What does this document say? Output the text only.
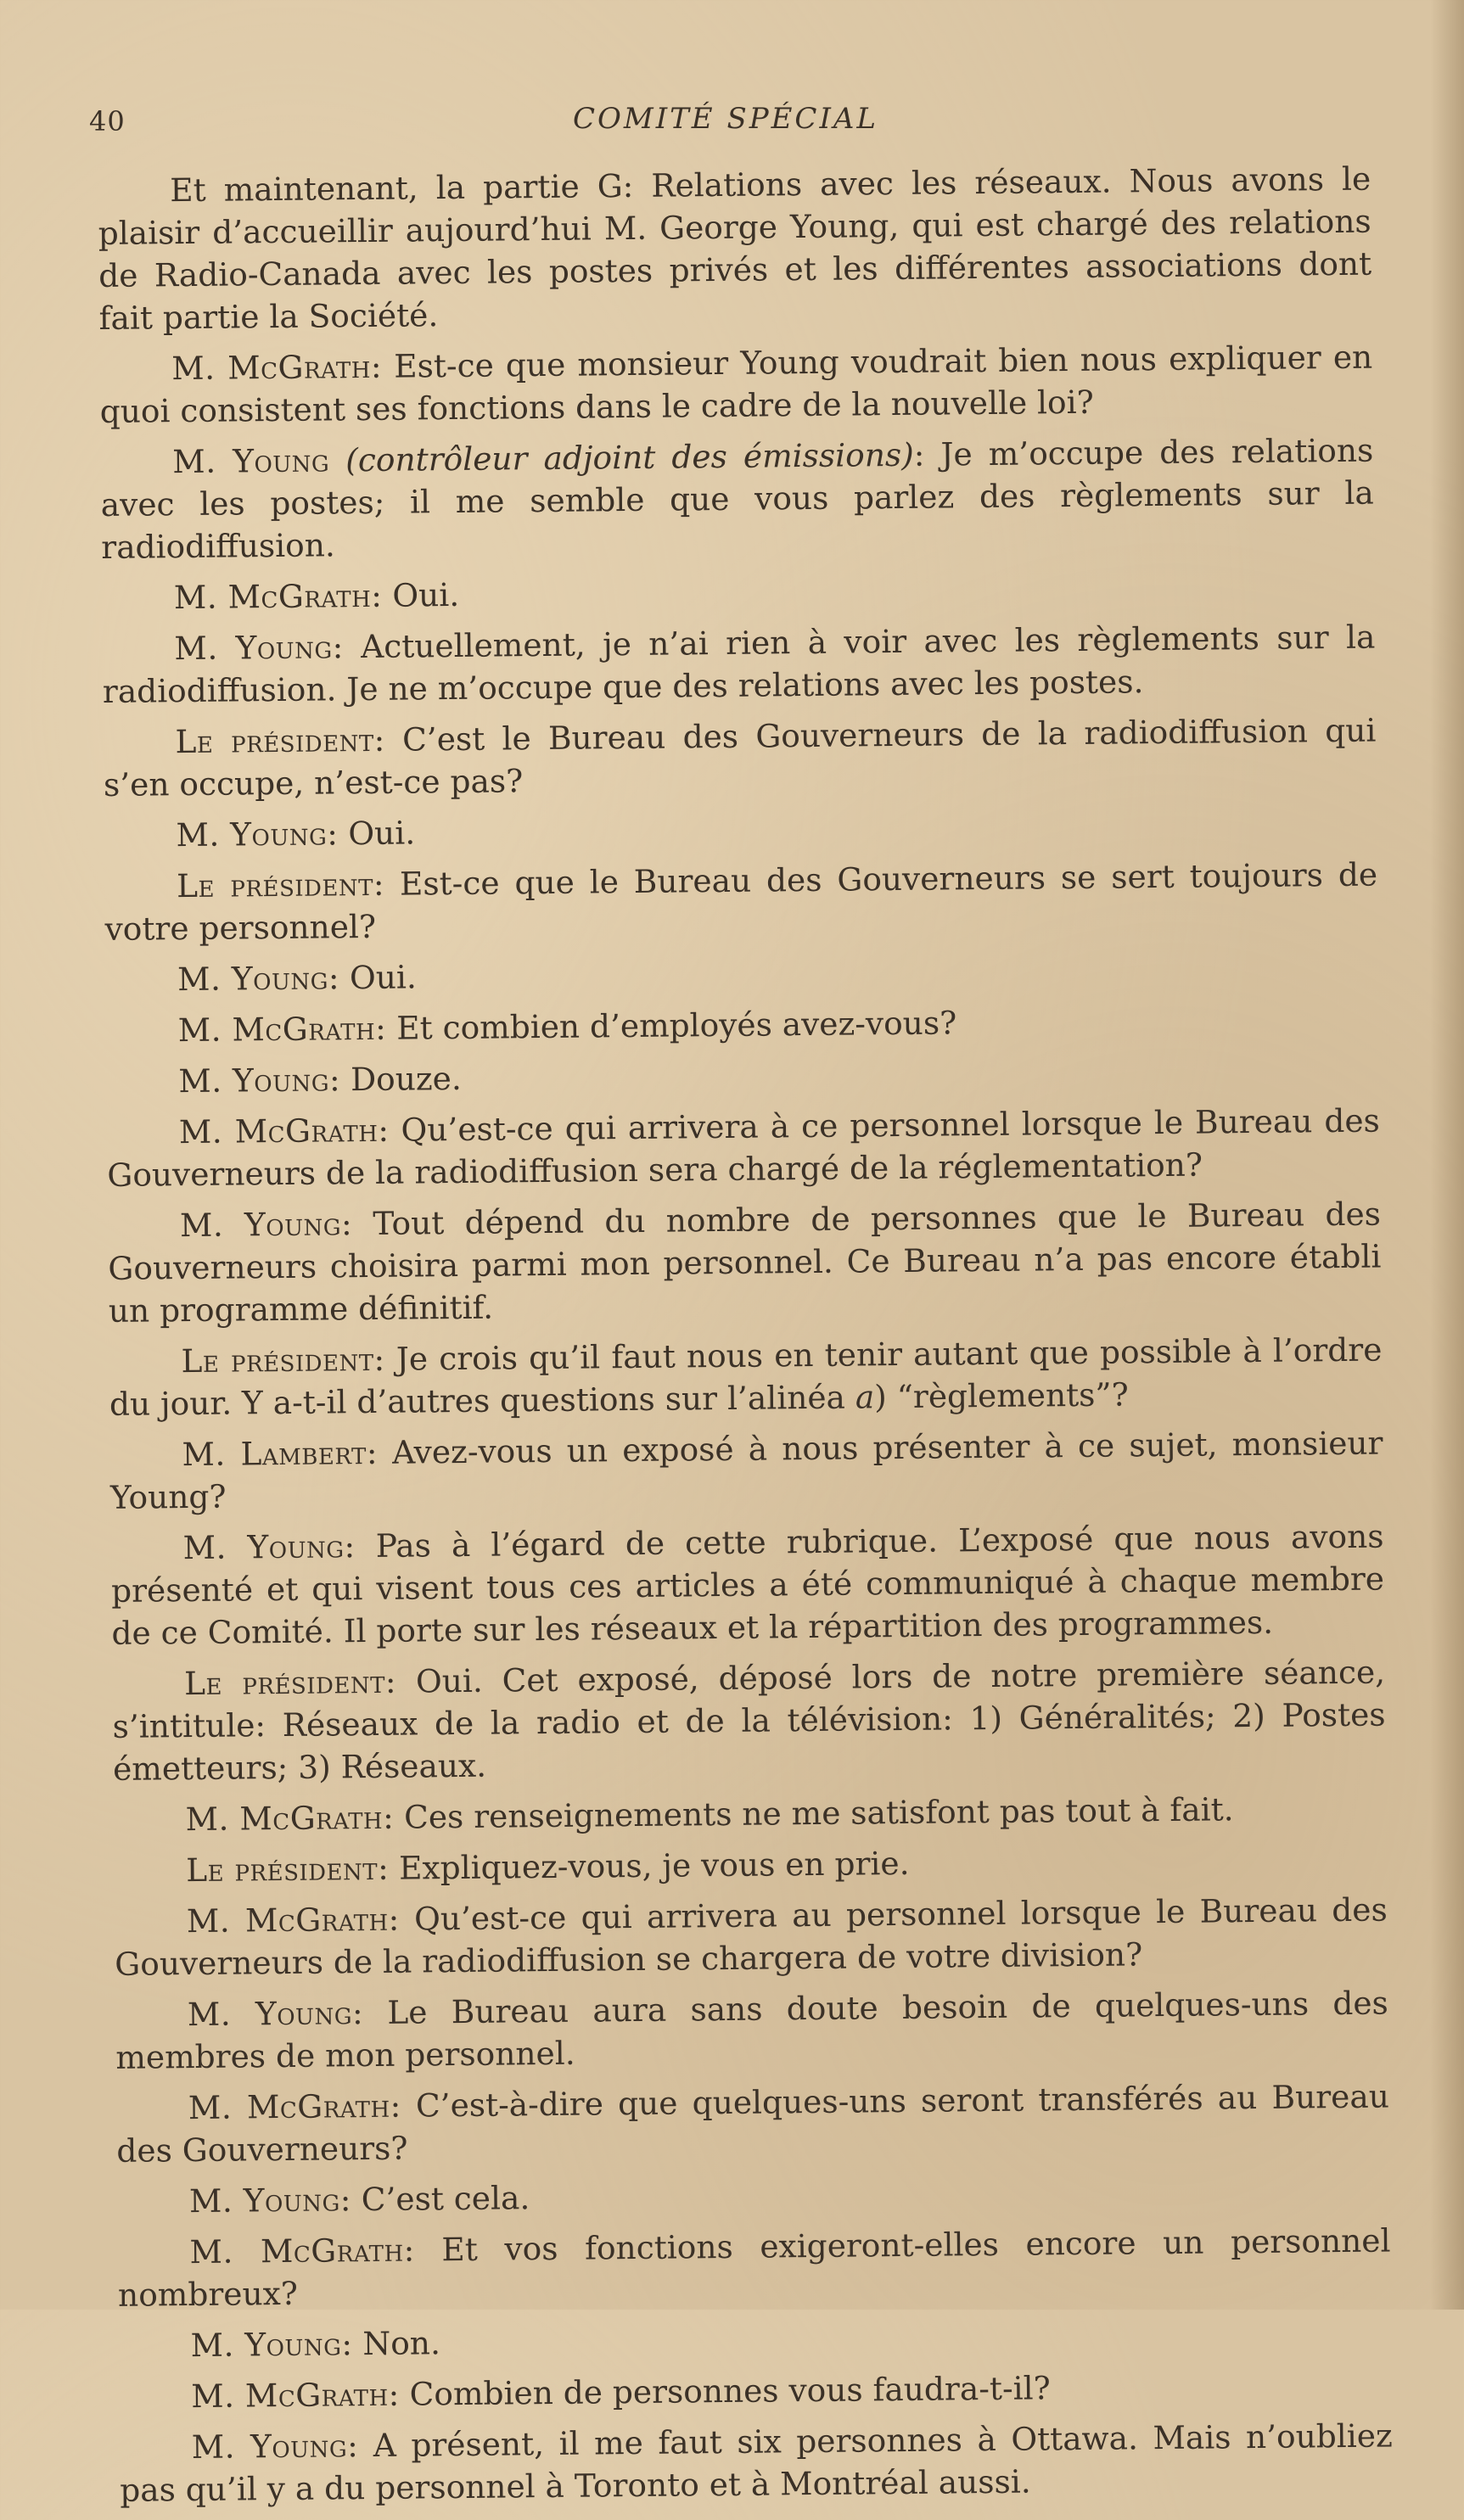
40	COMITÉ SPÉCIAL

Et maintenant, la partie G: Relations avec les réseaux. Nous avons le plaisir d’accueillir aujourd’hui M. George Young, qui est chargé des relations de Radio-Canada avec les postes privés et les différentes associations dont fait partie la Société.

M. McGrath: Est-ce que monsieur Young voudrait bien nous expliquer en quoi consistent ses fonctions dans le cadre de la nouvelle loi?

M. Young (contrôleur adjoint des émissions): Je m’occupe des relations avec les postes; il me semble que vous parlez des règlements sur la radiodiffusion.

M. McGrath: Oui.

M. Young: Actuellement, je n’ai rien à voir avec les règlements sur la radiodiffusion. Je ne m’occupe que des relations avec les postes.

Le président: C’est le Bureau des Gouverneurs de la radiodiffusion qui s’en occupe, n’est-ce pas?

M. Young: Oui.

Le président: Est-ce que le Bureau des Gouverneurs se sert toujours de votre personnel?

M. Young: Oui.

M. McGrath: Et combien d’employés avez-vous?

M. Young: Douze.

M. McGrath: Qu’est-ce qui arrivera à ce personnel lorsque le Bureau des Gouverneurs de la radiodiffusion sera chargé de la réglementation?

M. Young: Tout dépend du nombre de personnes que le Bureau des Gouverneurs choisira parmi mon personnel. Ce Bureau n’a pas encore établi un programme définitif.

Le président: Je crois qu’il faut nous en tenir autant que possible à l’ordre du jour. Y a-t-il d’autres questions sur l’alinéa a) “règlements”?

M. Lambert: Avez-vous un exposé à nous présenter à ce sujet, monsieur Young?

M. Young: Pas à l’égard de cette rubrique. L’exposé que nous avons présenté et qui visent tous ces articles a été communiqué à chaque membre de ce Comité. Il porte sur les réseaux et la répartition des programmes.

Le président: Oui. Cet exposé, déposé lors de notre première séance, s’intitule: Réseaux de la radio et de la télévision: 1) Généralités; 2) Postes émetteurs; 3) Réseaux.

M. McGrath: Ces renseignements ne me satisfont pas tout à fait.

Le président: Expliquez-vous, je vous en prie.

M. McGrath: Qu’est-ce qui arrivera au personnel lorsque le Bureau des Gouverneurs de la radiodiffusion se chargera de votre division?

M. Young: Le Bureau aura sans doute besoin de quelques-uns des membres de mon personnel.

M. McGrath: C’est-à-dire que quelques-uns seront transférés au Bureau des Gouverneurs?

M. Young: C’est cela.

M. McGrath: Et vos fonctions exigeront-elles encore un personnel nombreux?

M. Young: Non.

M. McGrath: Combien de personnes vous faudra-t-il?

M. Young: A présent, il me faut six personnes à Ottawa. Mais n’oubliez pas qu’il y a du personnel à Toronto et à Montréal aussi.
